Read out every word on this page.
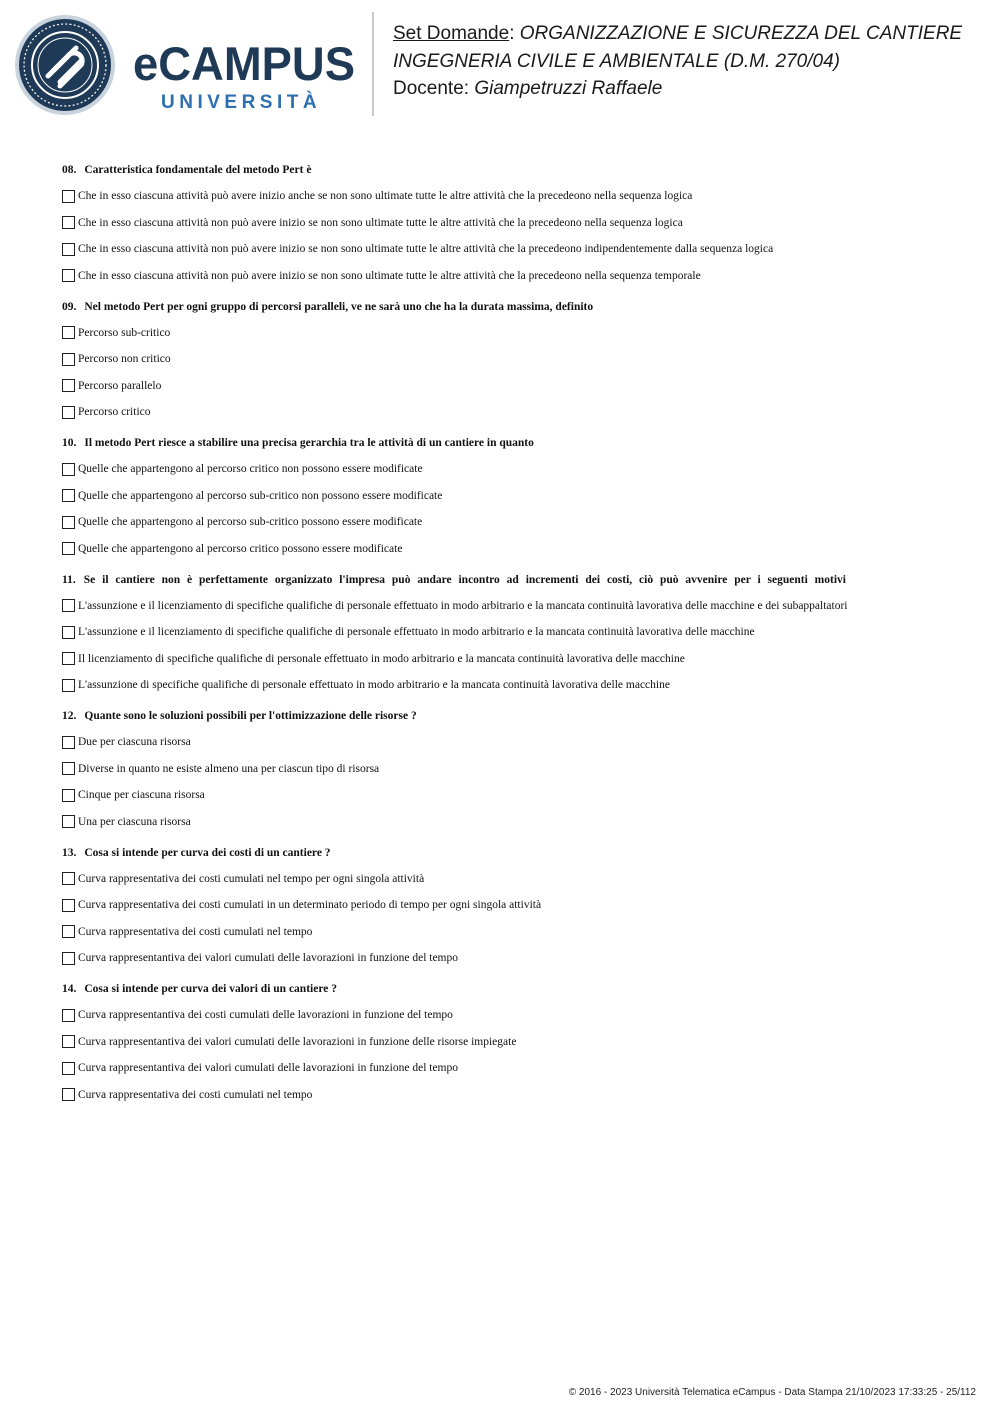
eCAMPUS
UNIVERSITÀ
Set Domande: ORGANIZZAZIONE E SICUREZZA DEL CANTIERE
INGEGNERIA CIVILE E AMBIENTALE (D.M. 270/04)
Docente: Giampetruzzi Raffaele
08. Caratteristica fondamentale del metodo Pert è
Che in esso ciascuna attività può avere inizio anche se non sono ultimate tutte le altre attività che la precedeono nella sequenza logica
Che in esso ciascuna attività non può avere inizio se non sono ultimate tutte le altre attività che la precedeono nella sequenza logica
Che in esso ciascuna attività non può avere inizio se non sono ultimate tutte le altre attività che la precedeono indipendentemente dalla sequenza logica
Che in esso ciascuna attività non può avere inizio se non sono ultimate tutte le altre attività che la precedeono nella sequenza temporale
09. Nel metodo Pert per ogni gruppo di percorsi paralleli, ve ne sarà uno che ha la durata massima, definito
Percorso sub-critico
Percorso non critico
Percorso parallelo
Percorso critico
10. Il metodo Pert riesce a stabilire una precisa gerarchia tra le attività di un cantiere in quanto
Quelle che appartengono al percorso critico non possono essere modificate
Quelle che appartengono al percorso sub-critico non possono essere modificate
Quelle che appartengono al percorso sub-critico possono essere modificate
Quelle che appartengono al percorso critico possono essere modificate
11. Se il cantiere non è perfettamente organizzato l'impresa può andare incontro ad incrementi dei costi, ciò può avvenire per i seguenti motivi
L'assunzione e il licenziamento di specifiche qualifiche di personale effettuato in modo arbitrario e la mancata continuità lavorativa delle macchine e dei subappaltatori
L'assunzione e il licenziamento di specifiche qualifiche di personale effettuato in modo arbitrario e la mancata continuità lavorativa delle macchine
Il licenziamento di specifiche qualifiche di personale effettuato in modo arbitrario e la mancata continuità lavorativa delle macchine
L'assunzione di specifiche qualifiche di personale effettuato in modo arbitrario e la mancata continuità lavorativa delle macchine
12. Quante sono le soluzioni possibili per l'ottimizzazione delle risorse ?
Due per ciascuna risorsa
Diverse in quanto ne esiste almeno una per ciascun tipo di risorsa
Cinque per ciascuna risorsa
Una per ciascuna risorsa
13. Cosa si intende per curva dei costi di un cantiere ?
Curva rappresentativa dei costi cumulati nel tempo per ogni singola attività
Curva rappresentativa dei costi cumulati in un determinato periodo di tempo per ogni singola attività
Curva rappresentativa dei costi cumulati nel tempo
Curva rappresentantiva dei valori cumulati delle lavorazioni in funzione del tempo
14. Cosa si intende per curva dei valori di un cantiere ?
Curva rappresentantiva dei costi cumulati delle lavorazioni in funzione del tempo
Curva rappresentantiva dei valori cumulati delle lavorazioni in funzione delle risorse impiegate
Curva rappresentantiva dei valori cumulati delle lavorazioni in funzione del tempo
Curva rappresentativa dei costi cumulati nel tempo
© 2016 - 2023 Università Telematica eCampus - Data Stampa 21/10/2023 17:33:25 - 25/112
